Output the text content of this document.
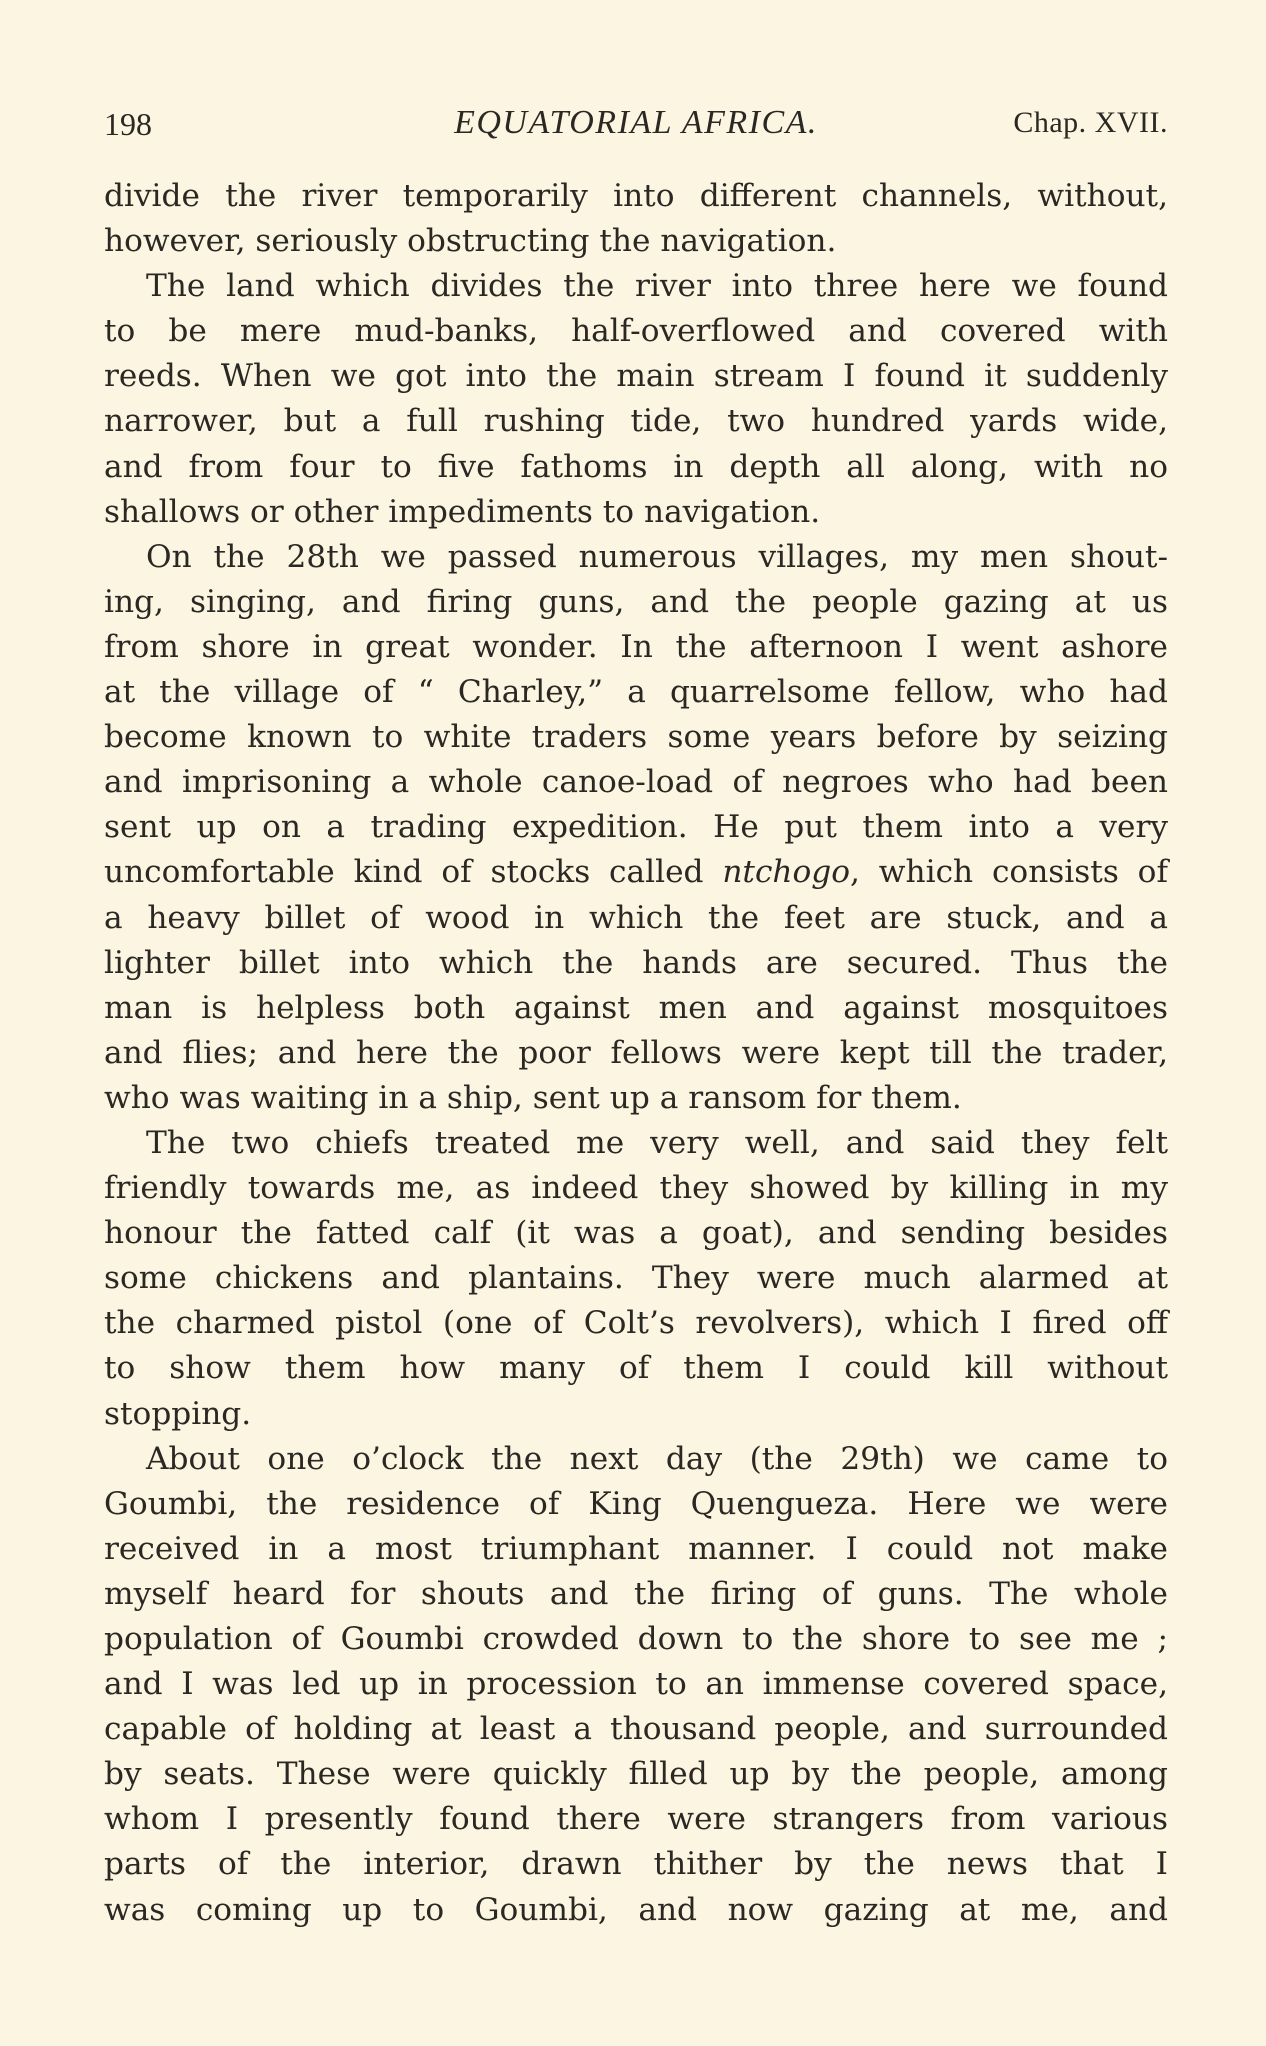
198	EQUATORIAL AFRICA.	Chap. XVII.

divide the river temporarily into different channels, without,
however, seriously obstructing the navigation.

The land which divides the river into three here we found
to be mere mud-banks, half-overflowed and covered with
reeds. When we got into the main stream I found it suddenly
narrower, but a full rushing tide, two hundred yards wide,
and from four to five fathoms in depth all along, with no
shallows or other impediments to navigation.

On the 28th we passed numerous villages, my men shout-
ing, singing, and firing guns, and the people gazing at us
from shore in great wonder. In the afternoon I went ashore
at the village of “ Charley,” a quarrelsome fellow, who had
become known to white traders some years before by seizing
and imprisoning a whole canoe-load of negroes who had been
sent up on a trading expedition. He put them into a very
uncomfortable kind of stocks called ntchogo, which consists of
a heavy billet of wood in which the feet are stuck, and a
lighter billet into which the hands are secured. Thus the
man is helpless both against men and against mosquitoes
and flies; and here the poor fellows were kept till the trader,
who was waiting in a ship, sent up a ransom for them.

The two chiefs treated me very well, and said they felt
friendly towards me, as indeed they showed by killing in my
honour the fatted calf (it was a goat), and sending besides
some chickens and plantains. They were much alarmed at
the charmed pistol (one of Colt’s revolvers), which I fired off
to show them how many of them I could kill without
stopping.

About one o’clock the next day (the 29th) we came to
Goumbi, the residence of King Quengueza. Here we were
received in a most triumphant manner. I could not make
myself heard for shouts and the firing of guns. The whole
population of Goumbi crowded down to the shore to see me ;
and I was led up in procession to an immense covered space,
capable of holding at least a thousand people, and surrounded
by seats. These were quickly filled up by the people, among
whom I presently found there were strangers from various
parts of the interior, drawn thither by the news that I
was coming up to Goumbi, and now gazing at me, and
